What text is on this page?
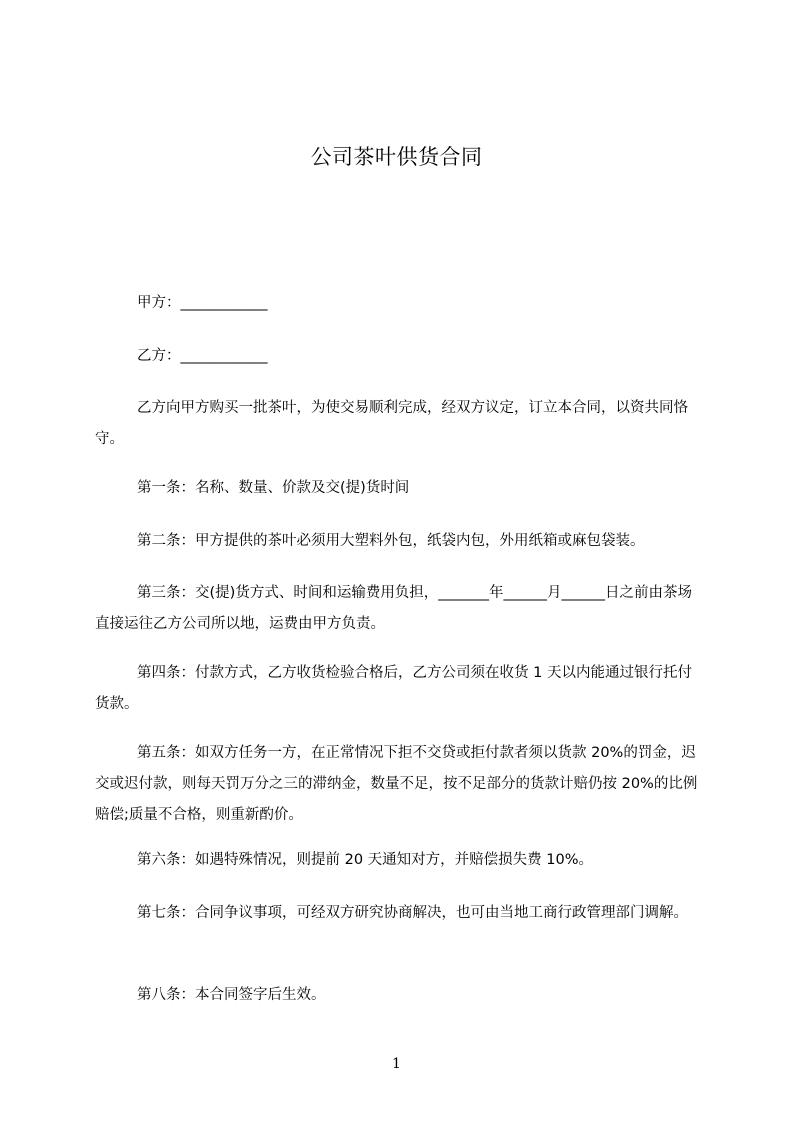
公司茶叶供货合同
甲方：____________
乙方：____________
乙方向甲方购买一批茶叶，为使交易顺利完成，经双方议定，订立本合同，以资共同恪守。
第一条：名称、数量、价款及交(提)货时间
第二条：甲方提供的茶叶必须用大塑料外包，纸袋内包，外用纸箱或麻包袋装。
第三条：交(提)货方式、时间和运输费用负担，_______年______月______日之前由茶场直接运往乙方公司所以地，运费由甲方负责。
第四条：付款方式，乙方收货检验合格后，乙方公司须在收货 1 天以内能通过银行托付货款。
第五条：如双方任务一方，在正常情况下拒不交贷或拒付款者须以货款 20%的罚金，迟交或迟付款，则每天罚万分之三的滞纳金，数量不足，按不足部分的货款计赔仍按 20%的比例赔偿;质量不合格，则重新酌价。
第六条：如遇特殊情况，则提前 20 天通知对方，并赔偿损失费 10%。
第七条：合同争议事项，可经双方研究协商解决，也可由当地工商行政管理部门调解。
第八条：本合同签字后生效。
1
